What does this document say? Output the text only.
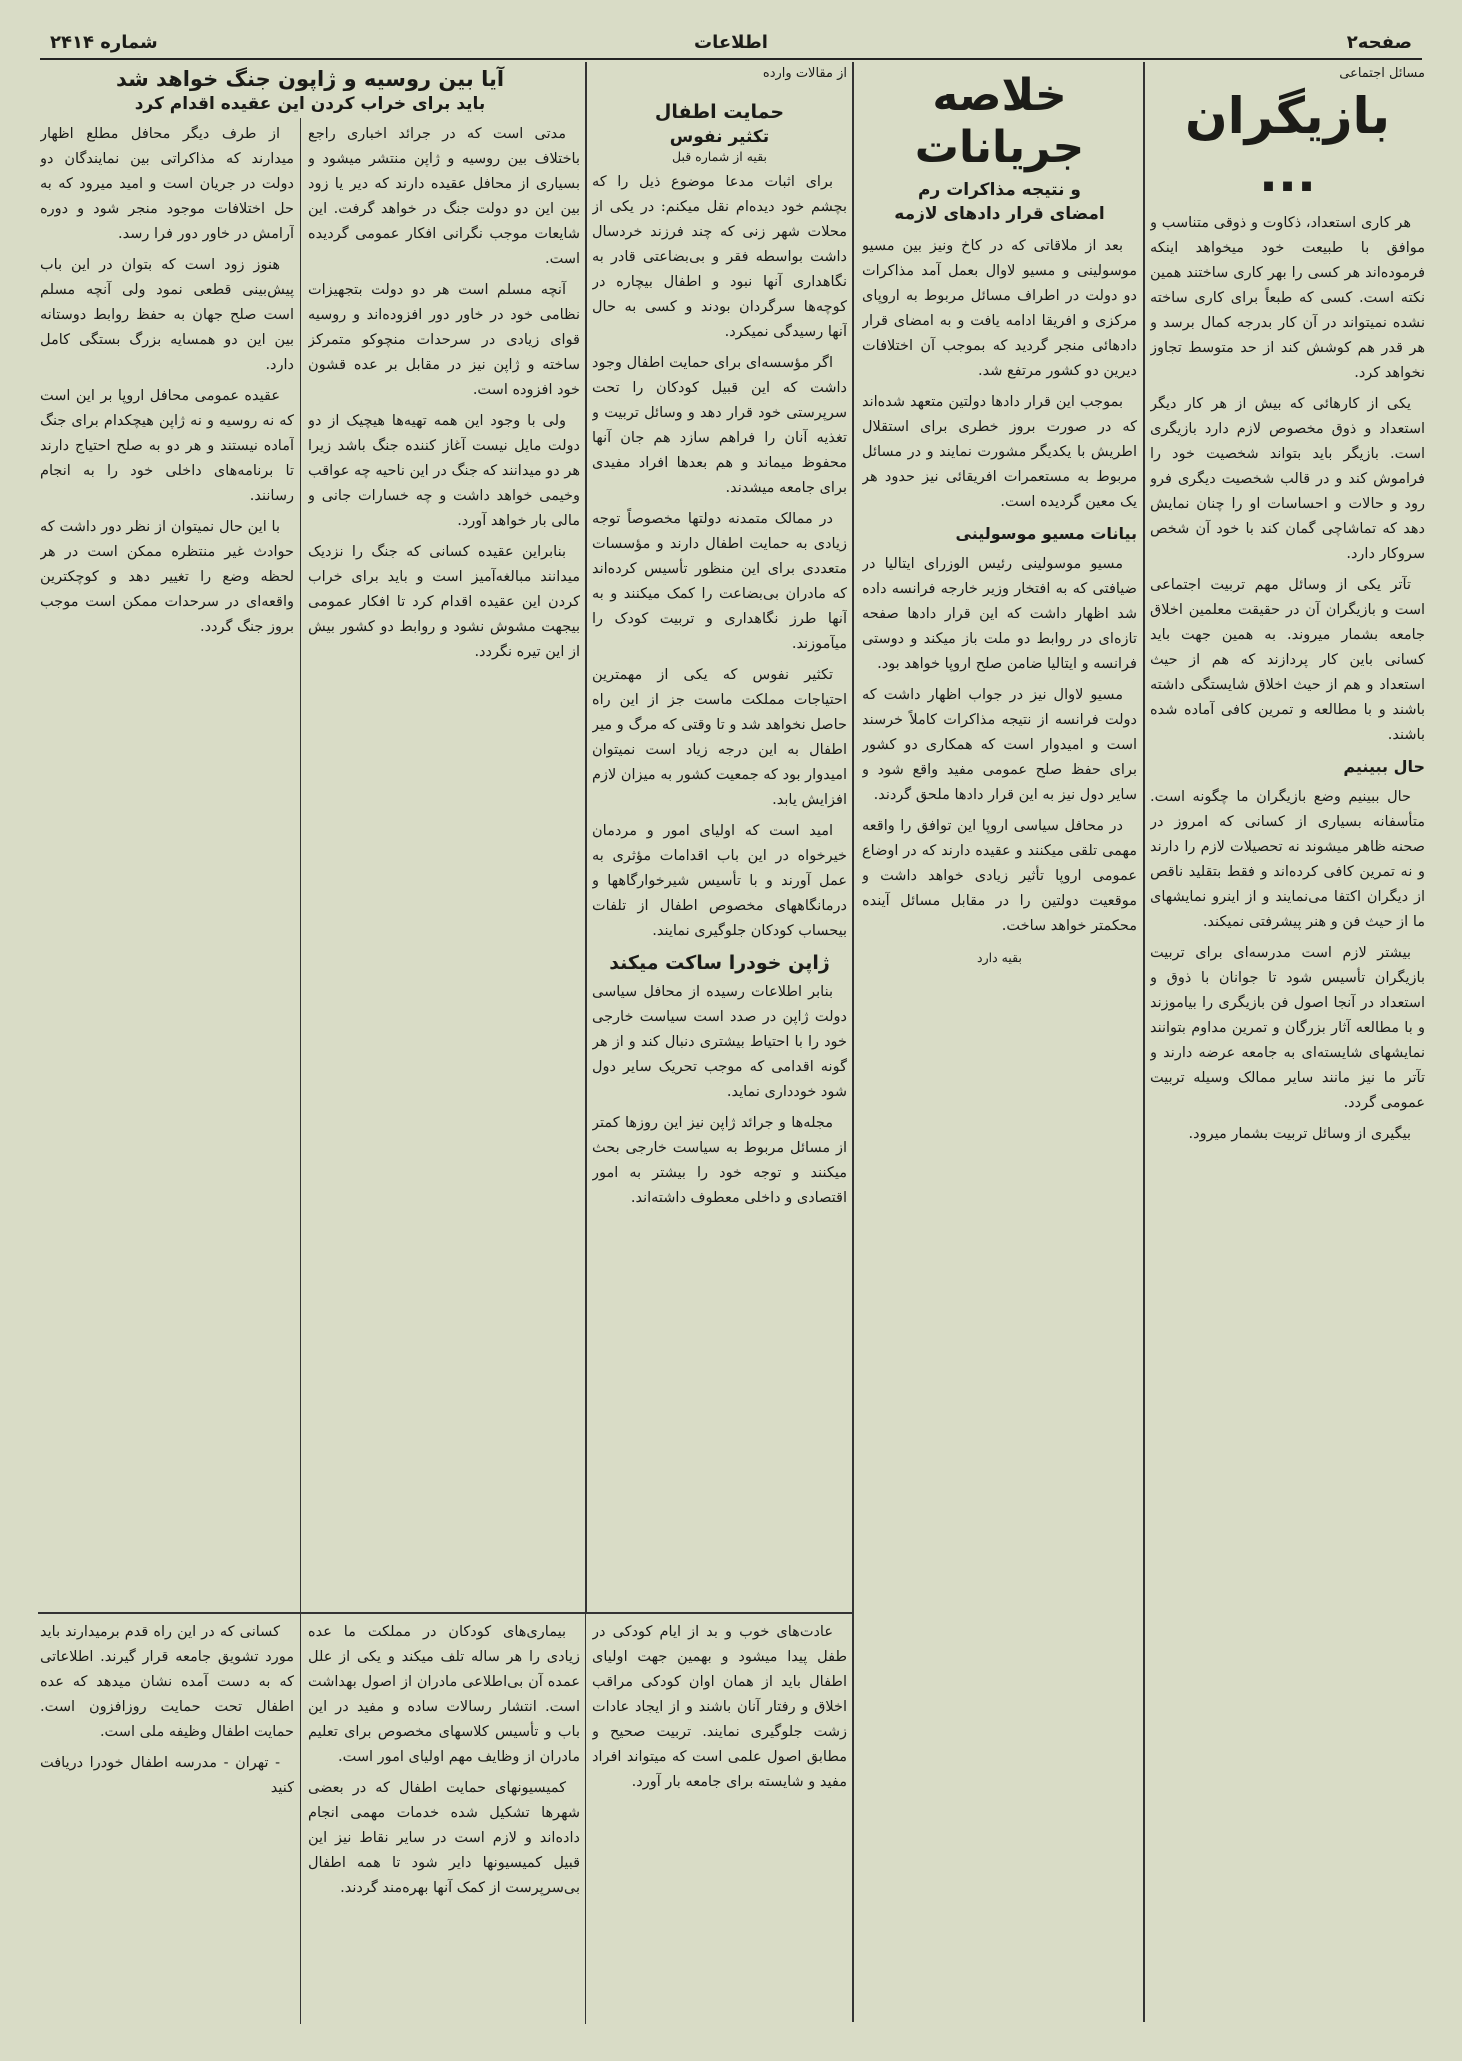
شماره ۲۴۱۴	اطلاعات	صفحه۲
مسائل اجتماعی
بازیگران ...

هر کاری استعداد، ذکاوت و ذوقی متناسب و موافق با طبیعت خود میخواهد اینکه فرموده‌اند هر کسی را بهر کاری ساختند همین نکته است. کسی که طبعاً برای کاری ساخته نشده نمیتواند در آن کار بدرجه کمال برسد و هر قدر هم کوشش کند از حد متوسط تجاوز نخواهد کرد.

یکی از کارهائی که بیش از هر کار دیگر استعداد و ذوق مخصوص لازم دارد بازیگری است. بازیگر باید بتواند شخصیت خود را فراموش کند و در قالب شخصیت دیگری فرو رود و حالات و احساسات او را چنان نمایش دهد که تماشاچی گمان کند با خود آن شخص سروکار دارد.

تآتر یکی از وسائل مهم تربیت اجتماعی است و بازیگران آن در حقیقت معلمین اخلاق جامعه بشمار میروند. به همین جهت باید کسانی باین کار پردازند که هم از حیث استعداد و هم از حیث اخلاق شایستگی داشته باشند و با مطالعه و تمرین کافی آماده شده باشند.

حال ببینیم

حال ببینیم وضع بازیگران ما چگونه است. متأسفانه بسیاری از کسانی که امروز در صحنه ظاهر میشوند نه تحصیلات لازم را دارند و نه تمرین کافی کرده‌اند و فقط بتقلید ناقص از دیگران اکتفا می‌نمایند و از اینرو نمایشهای ما از حیث فن و هنر پیشرفتی نمیکند.

بیشتر لازم است مدرسه‌ای برای تربیت بازیگران تأسیس شود تا جوانان با ذوق و استعداد در آنجا اصول فن بازیگری را بیاموزند و با مطالعه آثار بزرگان و تمرین مداوم بتوانند نمایشهای شایسته‌ای به جامعه عرضه دارند و تآتر ما نیز مانند سایر ممالک وسیله تربیت عمومی گردد.

بیگیری از وسائل تربیت بشمار میرود.

خلاصه جریانات
و نتیجه مذاکرات رم
امضای قرار دادهای لازمه

بعد از ملاقاتی که در کاخ ونیز بین مسیو موسولینی و مسیو لاوال بعمل آمد مذاکرات دو دولت در اطراف مسائل مربوط به اروپای مرکزی و افریقا ادامه یافت و به امضای قرار دادهائی منجر گردید که بموجب آن اختلافات دیرین دو کشور مرتفع شد.

بموجب این قرار دادها دولتین متعهد شده‌اند که در صورت بروز خطری برای استقلال اطریش با یکدیگر مشورت نمایند و در مسائل مربوط به مستعمرات افریقائی نیز حدود هر یک معین گردیده است.

بیانات مسیو موسولینی

مسیو موسولینی رئیس الوزرای ایتالیا در ضیافتی که به افتخار وزیر خارجه فرانسه داده شد اظهار داشت که این قرار دادها صفحه تازه‌ای در روابط دو ملت باز میکند و دوستی فرانسه و ایتالیا ضامن صلح اروپا خواهد بود.

مسیو لاوال نیز در جواب اظهار داشت که دولت فرانسه از نتیجه مذاکرات کاملاً خرسند است و امیدوار است که همکاری دو کشور برای حفظ صلح عمومی مفید واقع شود و سایر دول نیز به این قرار دادها ملحق گردند.

در محافل سیاسی اروپا این توافق را واقعه مهمی تلقی میکنند و عقیده دارند که در اوضاع عمومی اروپا تأثیر زیادی خواهد داشت و موقعیت دولتین را در مقابل مسائل آینده محکمتر خواهد ساخت.

بقیه دارد
از مقالات وارده
حمایت اطفال
تکثیر نفوس
بقیه از شماره قبل

برای اثبات مدعا موضوع ذیل را که بچشم خود دیده‌ام نقل میکنم: در یکی از محلات شهر زنی که چند فرزند خردسال داشت بواسطه فقر و بی‌بضاعتی قادر به نگاهداری آنها نبود و اطفال بیچاره در کوچه‌ها سرگردان بودند و کسی به حال آنها رسیدگی نمیکرد.

اگر مؤسسه‌ای برای حمایت اطفال وجود داشت که این قبیل کودکان را تحت سرپرستی خود قرار دهد و وسائل تربیت و تغذیه آنان را فراهم سازد هم جان آنها محفوظ میماند و هم بعدها افراد مفیدی برای جامعه میشدند.

در ممالک متمدنه دولتها مخصوصاً توجه زیادی به حمایت اطفال دارند و مؤسسات متعددی برای این منظور تأسیس کرده‌اند که مادران بی‌بضاعت را کمک میکنند و به آنها طرز نگاهداری و تربیت کودک را میآموزند.

تکثیر نفوس که یکی از مهمترین احتیاجات مملکت ماست جز از این راه حاصل نخواهد شد و تا وقتی که مرگ و میر اطفال به این درجه زیاد است نمیتوان امیدوار بود که جمعیت کشور به میزان لازم افزایش یابد.

امید است که اولیای امور و مردمان خیرخواه در این باب اقدامات مؤثری به عمل آورند و با تأسیس شیرخوارگاهها و درمانگاههای مخصوص اطفال از تلفات بیحساب کودکان جلوگیری نمایند.

ژاپن خودرا ساکت میکند

بنابر اطلاعات رسیده از محافل سیاسی دولت ژاپن در صدد است سیاست خارجی خود را با احتیاط بیشتری دنبال کند و از هر گونه اقدامی که موجب تحریک سایر دول شود خودداری نماید.

مجله‌ها و جرائد ژاپن نیز این روزها کمتر از مسائل مربوط به سیاست خارجی بحث میکنند و توجه خود را بیشتر به امور اقتصادی و داخلی معطوف داشته‌اند.

آیا بین روسیه و ژاپون جنگ خواهد شد
باید برای خراب کردن این عقیده اقدام کرد

مدتی است که در جرائد اخباری راجع باختلاف بین روسیه و ژاپن منتشر میشود و بسیاری از محافل عقیده دارند که دیر یا زود بین این دو دولت جنگ در خواهد گرفت. این شایعات موجب نگرانی افکار عمومی گردیده است.

آنچه مسلم است هر دو دولت بتجهیزات نظامی خود در خاور دور افزوده‌اند و روسیه قوای زیادی در سرحدات منچوکو متمرکز ساخته و ژاپن نیز در مقابل بر عده قشون خود افزوده است.

ولی با وجود این همه تهیه‌ها هیچیک از دو دولت مایل نیست آغاز کننده جنگ باشد زیرا هر دو میدانند که جنگ در این ناحیه چه عواقب وخیمی خواهد داشت و چه خسارات جانی و مالی بار خواهد آورد.

بنابراین عقیده کسانی که جنگ را نزدیک میدانند مبالغه‌آمیز است و باید برای خراب کردن این عقیده اقدام کرد تا افکار عمومی بیجهت مشوش نشود و روابط دو کشور بیش از این تیره نگردد.

از طرف دیگر محافل مطلع اظهار میدارند که مذاکراتی بین نمایندگان دو دولت در جریان است و امید میرود که به حل اختلافات موجود منجر شود و دوره آرامش در خاور دور فرا رسد.

هنوز زود است که بتوان در این باب پیش‌بینی قطعی نمود ولی آنچه مسلم است صلح جهان به حفظ روابط دوستانه بین این دو همسایه بزرگ بستگی کامل دارد.

عقیده عمومی محافل اروپا بر این است که نه روسیه و نه ژاپن هیچکدام برای جنگ آماده نیستند و هر دو به صلح احتیاج دارند تا برنامه‌های داخلی خود را به انجام رسانند.

با این حال نمیتوان از نظر دور داشت که حوادث غیر منتظره ممکن است در هر لحظه وضع را تغییر دهد و کوچکترین واقعه‌ای در سرحدات ممکن است موجب بروز جنگ گردد.

عادت‌های خوب و بد از ایام کودکی در طفل پیدا میشود و بهمین جهت اولیای اطفال باید از همان اوان کودکی مراقب اخلاق و رفتار آنان باشند و از ایجاد عادات زشت جلوگیری نمایند. تربیت صحیح و مطابق اصول علمی است که میتواند افراد مفید و شایسته برای جامعه بار آورد.

بیماری‌های کودکان در مملکت ما عده زیادی را هر ساله تلف میکند و یکی از علل عمده آن بی‌اطلاعی مادران از اصول بهداشت است. انتشار رسالات ساده و مفید در این باب و تأسیس کلاسهای مخصوص برای تعلیم مادران از وظایف مهم اولیای امور است.

کمیسیونهای حمایت اطفال که در بعضی شهرها تشکیل شده خدمات مهمی انجام داده‌اند و لازم است در سایر نقاط نیز این قبیل کمیسیونها دایر شود تا همه اطفال بی‌سرپرست از کمک آنها بهره‌مند گردند.

کسانی که در این راه قدم برمیدارند باید مورد تشویق جامعه قرار گیرند. اطلاعاتی که به دست آمده نشان میدهد که عده اطفال تحت حمایت روزافزون است. حمایت اطفال وظیفه ملی است.

- تهران - مدرسه اطفال خودرا دریافت کنید
